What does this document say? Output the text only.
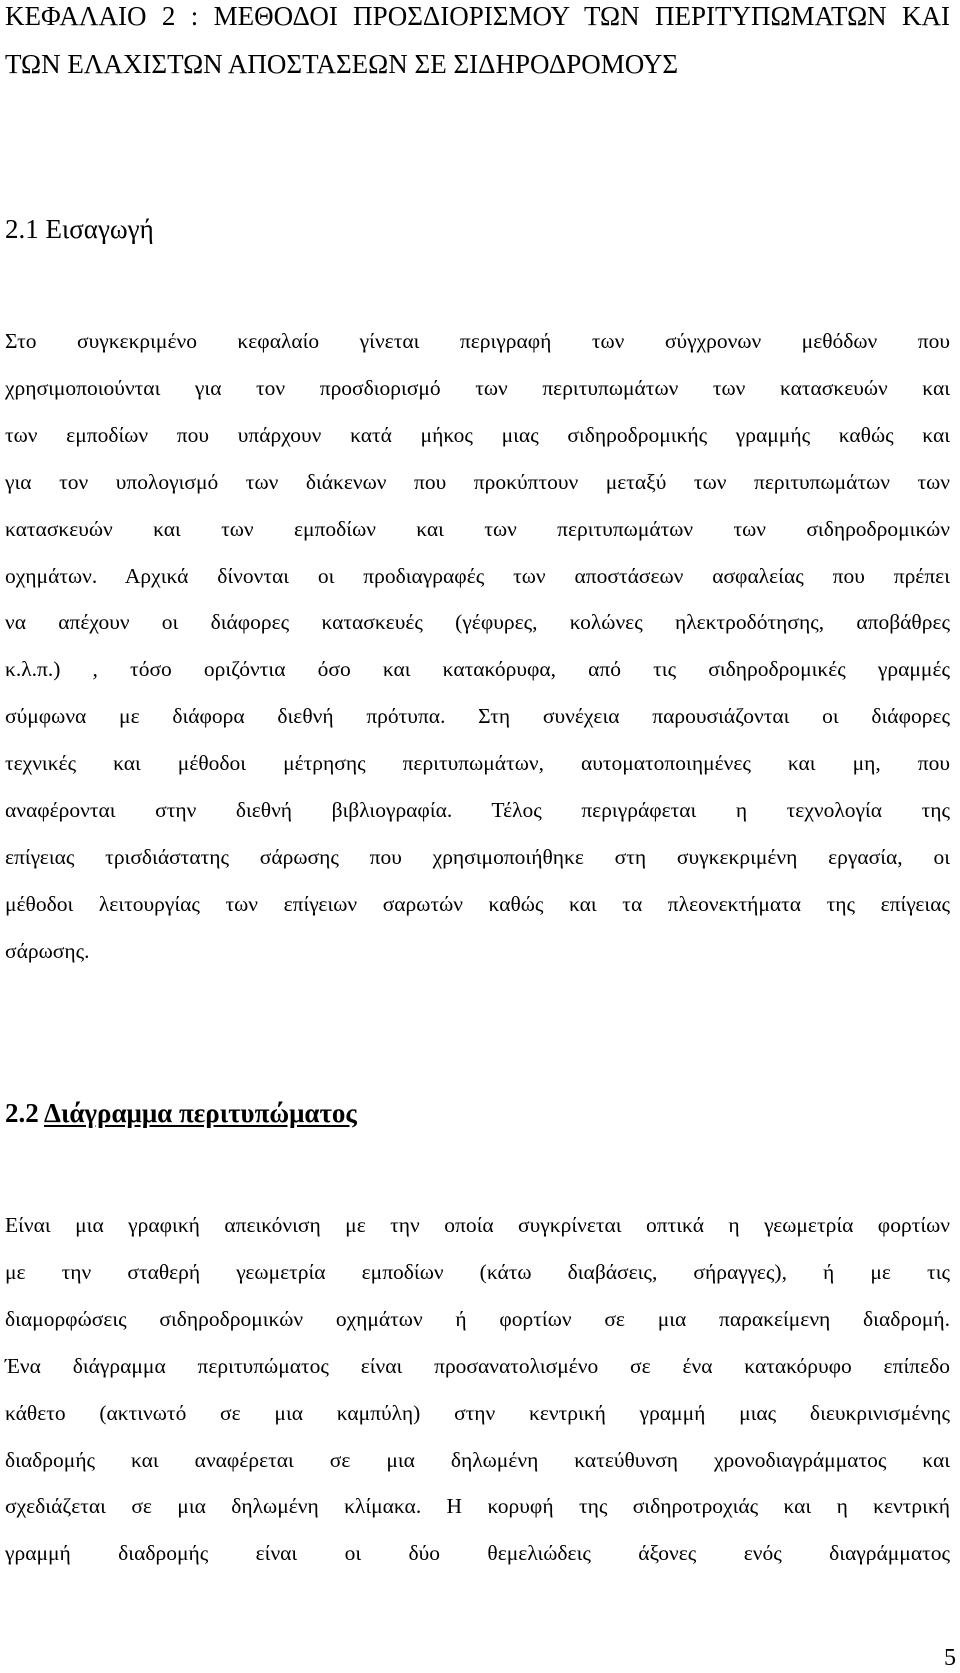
ΚΕΦΑΛΑΙΟ 2 : ΜΕΘΟΔΟΙ ΠΡΟΣΔΙΟΡΙΣΜΟΥ ΤΩΝ ΠΕΡΙΤΥΠΩΜΑΤΩΝ ΚΑΙ ΤΩΝ ΕΛΑΧΙΣΤΩΝ ΑΠΟΣΤΑΣΕΩΝ ΣΕ ΣΙΔΗΡΟΔΡΟΜΟΥΣ
2.1 Εισαγωγή

Στο συγκεκριμένο κεφαλαίο γίνεται περιγραφή των σύγχρονων μεθόδων που
χρησιμοποιούνται για τον προσδιορισμό των περιτυπωμάτων των κατασκευών και
των εμποδίων που υπάρχουν κατά μήκος μιας σιδηροδρομικής γραμμής καθώς και
για τον υπολογισμό των διάκενων που προκύπτουν μεταξύ των περιτυπωμάτων των
κατασκευών και των εμποδίων και των περιτυπωμάτων των σιδηροδρομικών
οχημάτων. Αρχικά δίνονται οι προδιαγραφές των αποστάσεων ασφαλείας που πρέπει
να απέχουν οι διάφορες κατασκευές (γέφυρες, κολώνες ηλεκτροδότησης, αποβάθρες
κ.λ.π.) , τόσο οριζόντια όσο και κατακόρυφα, από τις σιδηροδρομικές γραμμές
σύμφωνα με διάφορα διεθνή πρότυπα. Στη συνέχεια παρουσιάζονται οι διάφορες
τεχνικές και μέθοδοι μέτρησης περιτυπωμάτων, αυτοματοποιημένες και μη, που
αναφέρονται στην διεθνή βιβλιογραφία. Τέλος περιγράφεται η τεχνολογία της
επίγειας τρισδιάστατης σάρωσης που χρησιμοποιήθηκε στη συγκεκριμένη εργασία, οι
μέθοδοι λειτουργίας των επίγειων σαρωτών καθώς και τα πλεονεκτήματα της επίγειας
σάρωσης.

2.2 Διάγραμμα περιτυπώματος

Είναι μια γραφική απεικόνιση με την οποία συγκρίνεται οπτικά η γεωμετρία φορτίων
με την σταθερή γεωμετρία εμποδίων (κάτω διαβάσεις, σήραγγες), ή με τις
διαμορφώσεις σιδηροδρομικών οχημάτων ή φορτίων σε μια παρακείμενη διαδρομή.
Ένα διάγραμμα περιτυπώματος είναι προσανατολισμένο σε ένα κατακόρυφο επίπεδο
κάθετο (ακτινωτό σε μια καμπύλη) στην κεντρική γραμμή μιας διευκρινισμένης
διαδρομής και αναφέρεται σε μια δηλωμένη κατεύθυνση χρονοδιαγράμματος και
σχεδιάζεται σε μια δηλωμένη κλίμακα. Η κορυφή της σιδηροτροχιάς και η κεντρική
γραμμή διαδρομής είναι οι δύο θεμελιώδεις άξονες ενός διαγράμματος

5
